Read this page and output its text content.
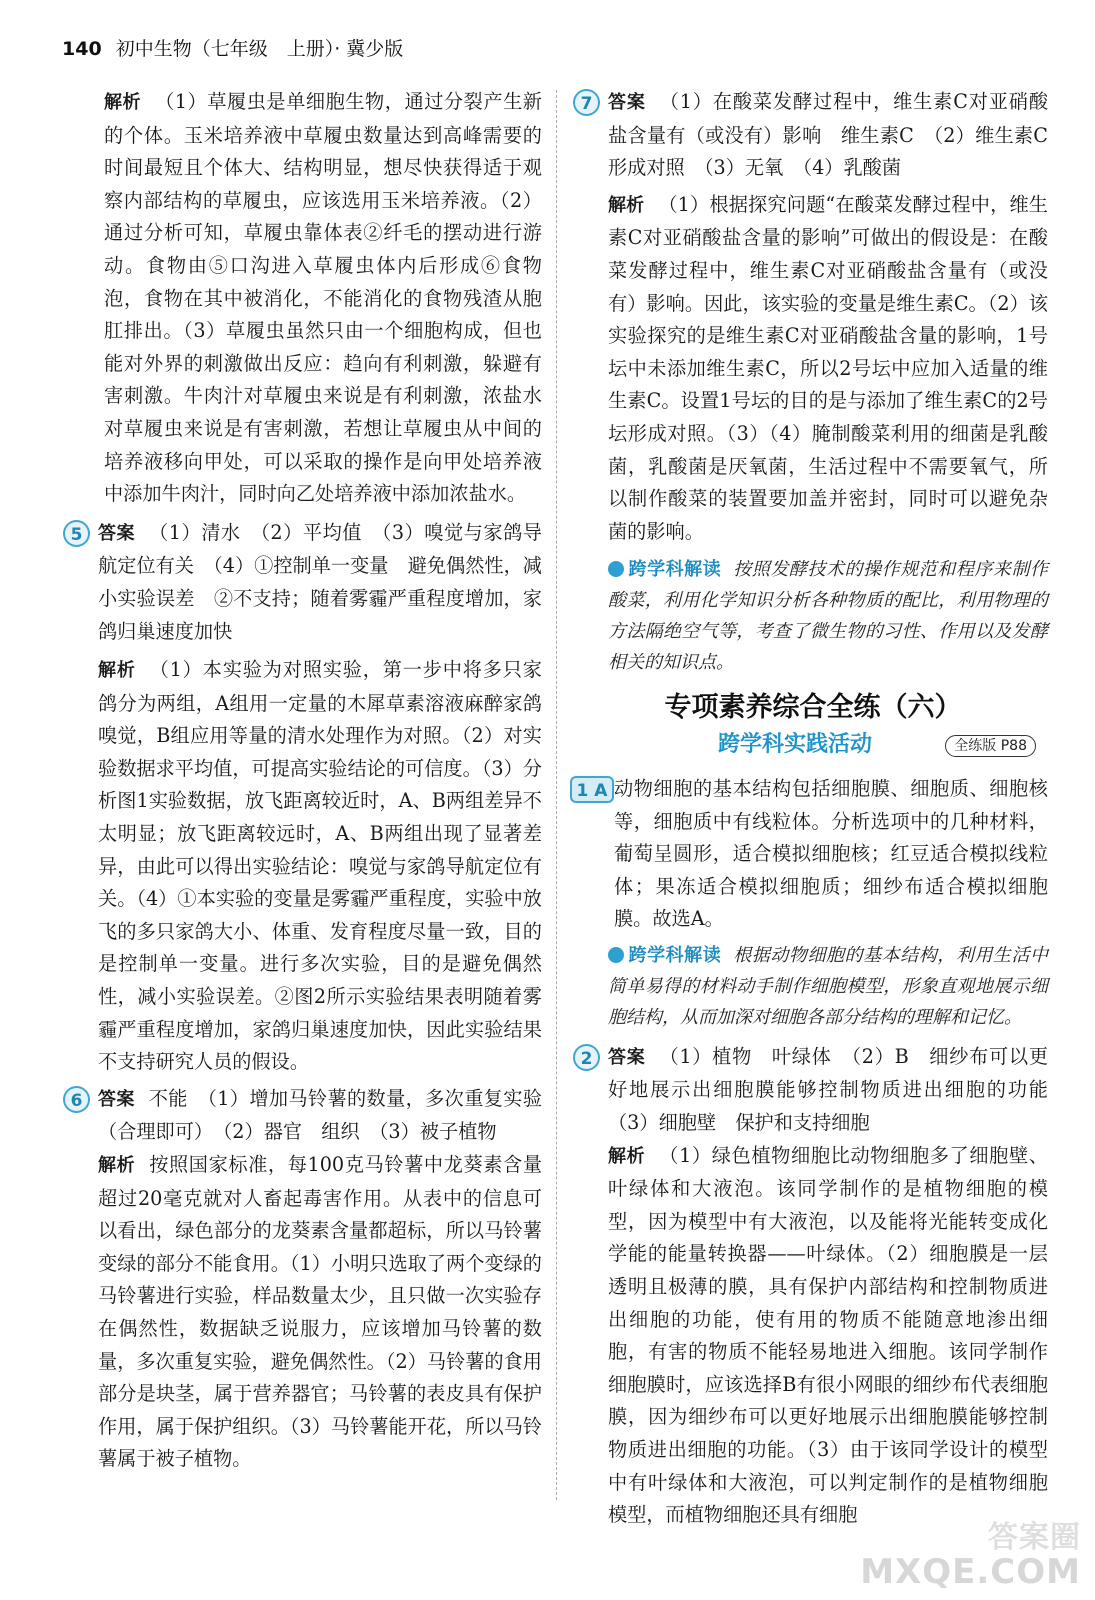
140 初中生物（七年级　上册）· 冀少版

解析 （1）草履虫是单细胞生物，通过分裂产生新的个体。玉米培养液中草履虫数量达到高峰需要的时间最短且个体大、结构明显，想尽快获得适于观察内部结构的草履虫，应该选用玉米培养液。（2）通过分析可知，草履虫靠体表②纤毛的摆动进行游动。食物由⑤口沟进入草履虫体内后形成⑥食物泡，食物在其中被消化，不能消化的食物残渣从胞肛排出。（3）草履虫虽然只由一个细胞构成，但也能对外界的刺激做出反应：趋向有利刺激，躲避有害刺激。牛肉汁对草履虫来说是有利刺激，浓盐水对草履虫来说是有害刺激，若想让草履虫从中间的培养液移向甲处，可以采取的操作是向甲处培养液中添加牛肉汁，同时向乙处培养液中添加浓盐水。

5 答案 （1）清水　（2）平均值　（3）嗅觉与家鸽导航定位有关　（4）①控制单一变量　避免偶然性，减小实验误差　②不支持；随着雾霾严重程度增加，家鸽归巢速度加快

解析 （1）本实验为对照实验，第一步中将多只家鸽分为两组，A组用一定量的木犀草素溶液麻醉家鸽嗅觉，B组应用等量的清水处理作为对照。（2）对实验数据求平均值，可提高实验结论的可信度。（3）分析图1实验数据，放飞距离较近时，A、B两组差异不太明显；放飞距离较远时，A、B两组出现了显著差异，由此可以得出实验结论：嗅觉与家鸽导航定位有关。（4）①本实验的变量是雾霾严重程度，实验中放飞的多只家鸽大小、体重、发育程度尽量一致，目的是控制单一变量。进行多次实验，目的是避免偶然性，减小实验误差。②图2所示实验结果表明随着雾霾严重程度增加，家鸽归巢速度加快，因此实验结果不支持研究人员的假设。

6 答案 不能　（1）增加马铃薯的数量，多次重复实验（合理即可）　（2）器官　组织　（3）被子植物

解析 按照国家标准，每100克马铃薯中龙葵素含量超过20毫克就对人畜起毒害作用。从表中的信息可以看出，绿色部分的龙葵素含量都超标，所以马铃薯变绿的部分不能食用。（1）小明只选取了两个变绿的马铃薯进行实验，样品数量太少，且只做一次实验存在偶然性，数据缺乏说服力，应该增加马铃薯的数量，多次重复实验，避免偶然性。（2）马铃薯的食用部分是块茎，属于营养器官；马铃薯的表皮具有保护作用，属于保护组织。（3）马铃薯能开花，所以马铃薯属于被子植物。

7 答案 （1）在酸菜发酵过程中，维生素C对亚硝酸盐含量有（或没有）影响　维生素C　（2）维生素C形成对照　（3）无氧　（4）乳酸菌

解析 （1）根据探究问题“在酸菜发酵过程中，维生素C对亚硝酸盐含量的影响”可做出的假设是：在酸菜发酵过程中，维生素C对亚硝酸盐含量有（或没有）影响。因此，该实验的变量是维生素C。（2）该实验探究的是维生素C对亚硝酸盐含量的影响，1号坛中未添加维生素C，所以2号坛中应加入适量的维生素C。设置1号坛的目的是与添加了维生素C的2号坛形成对照。（3）（4）腌制酸菜利用的细菌是乳酸菌，乳酸菌是厌氧菌，生活过程中不需要氧气，所以制作酸菜的装置要加盖并密封，同时可以避免杂菌的影响。

跨学科解读 按照发酵技术的操作规范和程序来制作酸菜，利用化学知识分析各种物质的配比，利用物理的方法隔绝空气等，考查了微生物的习性、作用以及发酵相关的知识点。

专项素养综合全练（六）
跨学科实践活动	全练版 P88

1 A 动物细胞的基本结构包括细胞膜、细胞质、细胞核等，细胞质中有线粒体。分析选项中的几种材料，葡萄呈圆形，适合模拟细胞核；红豆适合模拟线粒体；果冻适合模拟细胞质；细纱布适合模拟细胞膜。故选A。

跨学科解读 根据动物细胞的基本结构，利用生活中简单易得的材料动手制作细胞模型，形象直观地展示细胞结构，从而加深对细胞各部分结构的理解和记忆。

2 答案 （1）植物　叶绿体　（2）B　细纱布可以更好地展示出细胞膜能够控制物质进出细胞的功能　（3）细胞壁　保护和支持细胞

解析 （1）绿色植物细胞比动物细胞多了细胞壁、叶绿体和大液泡。该同学制作的是植物细胞的模型，因为模型中有大液泡，以及能将光能转变成化学能的能量转换器——叶绿体。（2）细胞膜是一层透明且极薄的膜，具有保护内部结构和控制物质进出细胞的功能，使有用的物质不能随意地渗出细胞，有害的物质不能轻易地进入细胞。该同学制作细胞膜时，应该选择B有很小网眼的细纱布代表细胞膜，因为细纱布可以更好地展示出细胞膜能够控制物质进出细胞的功能。（3）由于该同学设计的模型中有叶绿体和大液泡，可以判定制作的是植物细胞模型，而植物细胞还具有细胞

答案圈
MXQE.COM
